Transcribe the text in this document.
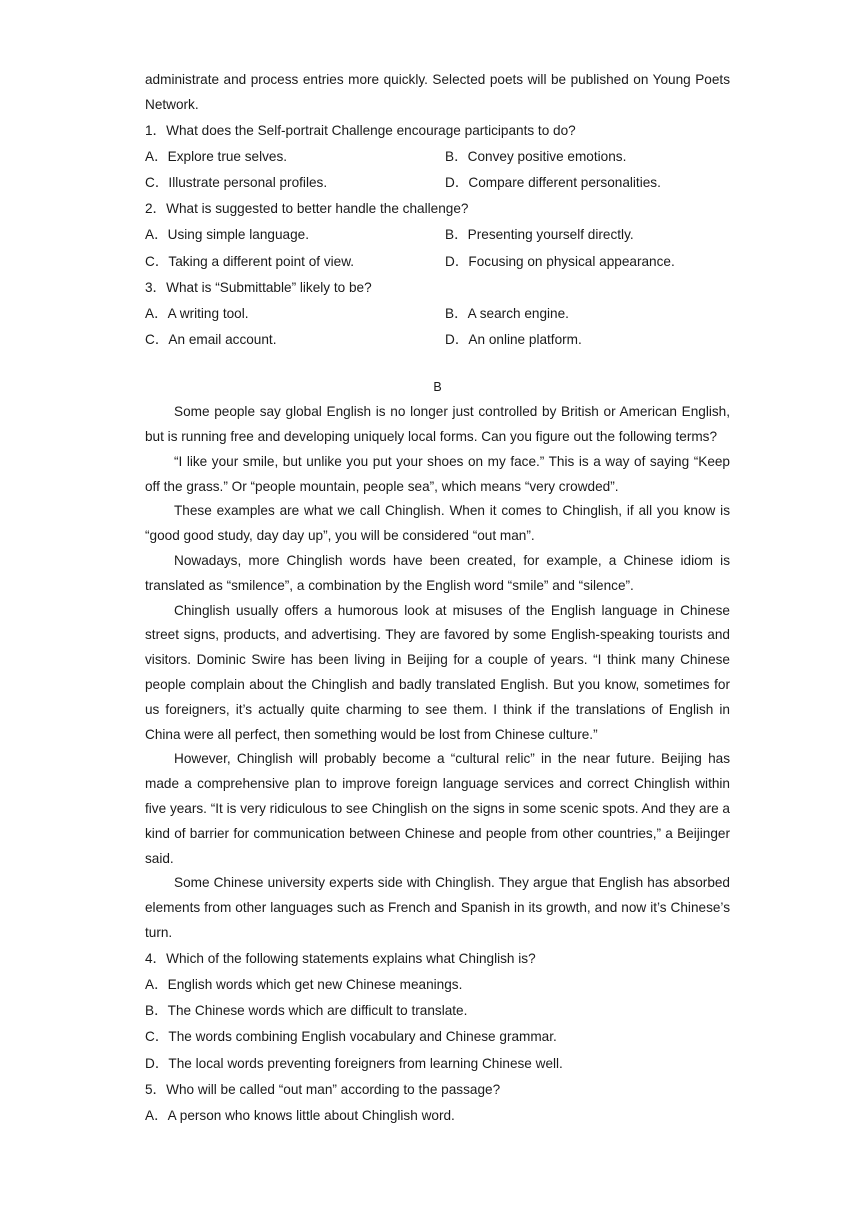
administrate and process entries more quickly. Selected poets will be published on Young Poets Network.

1． What does the Self-portrait Challenge encourage participants to do?

A． Explore true selves.	B． Convey positive emotions.
C． Illustrate personal profiles.	D． Compare different personalities.

2． What is suggested to better handle the challenge?

A． Using simple language.	B． Presenting yourself directly.
C． Taking a different point of view.	D． Focusing on physical appearance.

3． What is “Submittable” likely to be?

A． A writing tool.	B． A search engine.
C． An email account.	D． An online platform.
B

Some people say global English is no longer just controlled by British or American English, but is running free and developing uniquely local forms. Can you figure out the following terms?

“I like your smile, but unlike you put your shoes on my face.” This is a way of saying “Keep off the grass.” Or “people mountain, people sea”, which means “very crowded”.

These examples are what we call Chinglish. When it comes to Chinglish, if all you know is “good good study, day day up”, you will be considered “out man”.

Nowadays, more Chinglish words have been created, for example, a Chinese idiom is translated as “smilence”, a combination by the English word “smile” and “silence”.

Chinglish usually offers a humorous look at misuses of the English language in Chinese street signs, products, and advertising. They are favored by some English-speaking tourists and visitors. Dominic Swire has been living in Beijing for a couple of years. “I think many Chinese people complain about the Chinglish and badly translated English. But you know, sometimes for us foreigners, it’s actually quite charming to see them. I think if the translations of English in China were all perfect, then something would be lost from Chinese culture.”

However, Chinglish will probably become a “cultural relic” in the near future. Beijing has made a comprehensive plan to improve foreign language services and correct Chinglish within five years. “It is very ridiculous to see Chinglish on the signs in some scenic spots. And they are a kind of barrier for communication between Chinese and people from other countries,” a Beijinger said.

Some Chinese university experts side with Chinglish. They argue that English has absorbed elements from other languages such as French and Spanish in its growth, and now it’s Chinese’s turn.

4． Which of the following statements explains what Chinglish is?

A． English words which get new Chinese meanings.
B． The Chinese words which are difficult to translate.
C． The words combining English vocabulary and Chinese grammar.
D． The local words preventing foreigners from learning Chinese well.

5． Who will be called “out man” according to the passage?

A． A person who knows little about Chinglish word.
